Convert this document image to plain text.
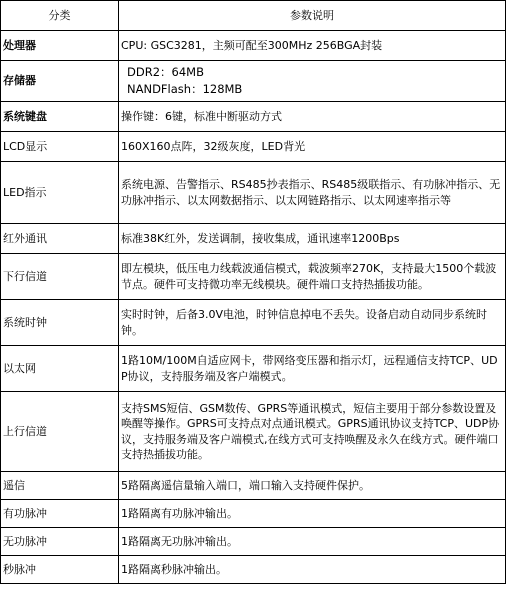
分类	参数说明
处理器	CPU: GSC3281，主频可配至300MHz 256BGA封装
存储器	DDR2：64MB
NANDFlash：128MB

系统键盘	操作键：6键，标准中断驱动方式
LCD显示	160X160点阵，32级灰度，LED背光
LED指示	系统电源、告警指示、RS485抄表指示、RS485级联指示、有功脉冲指示、无功脉冲指示、以太网数据指示、以太网链路指示、以太网速率指示等
红外通讯	标准38K红外，发送调制，接收集成，通讯速率1200Bps
下行信道	即左模块，低压电力线载波通信模式，载波频率270K，支持最大1500个载波节点。硬件可支持微功率无线模块。硬件端口支持热插拔功能。
系统时钟	实时时钟，后备3.0V电池，时钟信息掉电不丢失。设备启动自动同步系统时钟。
以太网	1路10M/100M自适应网卡，带网络变压器和指示灯，远程通信支持TCP、UDP协议，支持服务端及客户端模式。
上行信道	支持SMS短信、GSM数传、GPRS等通讯模式，短信主要用于部分参数设置及唤醒等操作。GPRS可支持点对点通讯模式。GPRS通讯协议支持TCP、UDP协议，支持服务端及客户端模式,在线方式可支持唤醒及永久在线方式。硬件端口支持热插拔功能。
遥信	5路隔离遥信量输入端口，端口输入支持硬件保护。
有功脉冲	1路隔离有功脉冲输出。
无功脉冲	1路隔离无功脉冲输出。
秒脉冲	1路隔离秒脉冲输出。
